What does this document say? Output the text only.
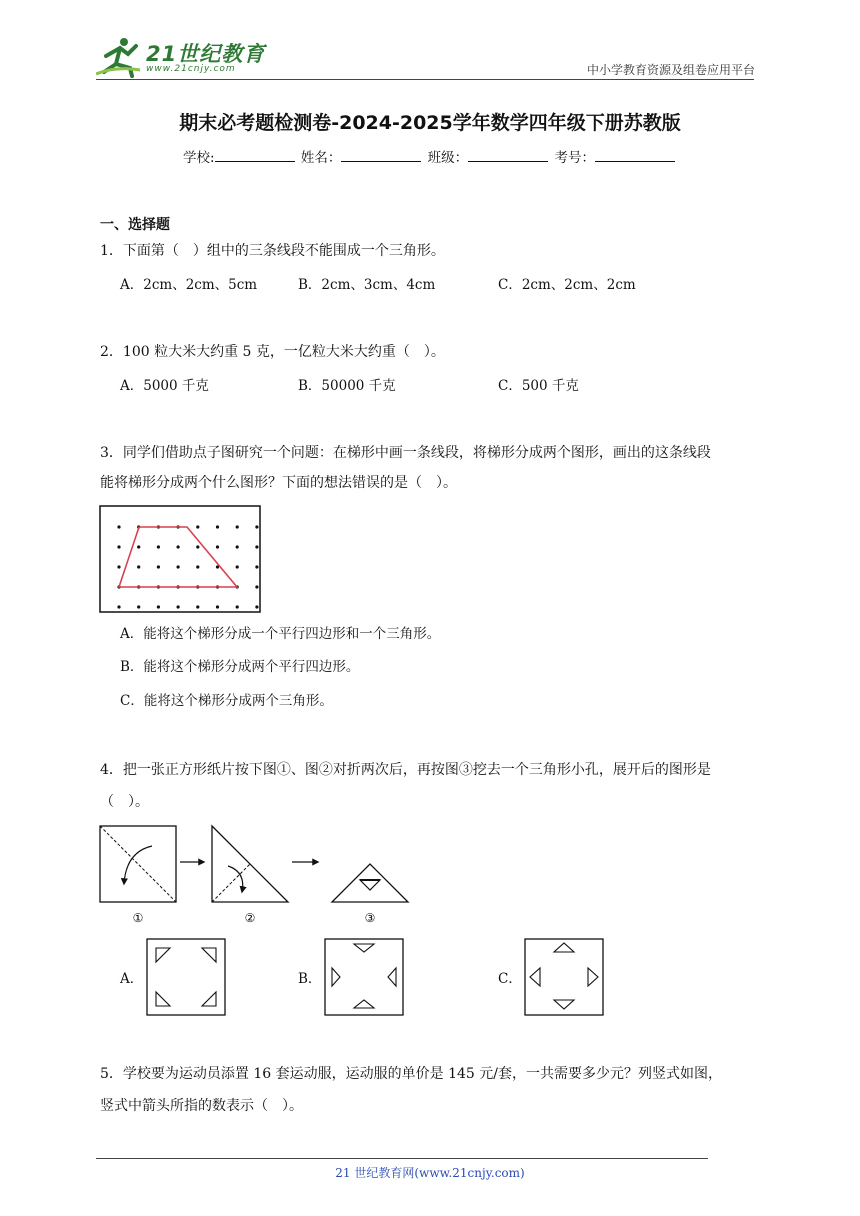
21世纪教育
www.21cnjy.com	中小学教育资源及组卷应用平台
期末必考题检测卷-2024-2025学年数学四年级下册苏教版
学校:	姓名：	班级：	考号：
一、选择题
1．下面第（　）组中的三条线段不能围成一个三角形。
A．2cm、2cm、5cm	B．2cm、3cm、4cm	C．2cm、2cm、2cm
2．100 粒大米大约重 5 克，一亿粒大米大约重（　）。
A．5000 千克	B．50000 千克	C．500 千克
3．同学们借助点子图研究一个问题：在梯形中画一条线段，将梯形分成两个图形，画出的这条线段
能将梯形分成两个什么图形？下面的想法错误的是（　）。
A．能将这个梯形分成一个平行四边形和一个三角形。
B．能将这个梯形分成两个平行四边形。
C．能将这个梯形分成两个三角形。
4．把一张正方形纸片按下图①、图②对折两次后，再按图③挖去一个三角形小孔，展开后的图形是
（　）。
①	②	③
A．	B．	C．
5．学校要为运动员添置 16 套运动服，运动服的单价是 145 元/套，一共需要多少元？列竖式如图，
竖式中箭头所指的数表示（　）。
21 世纪教育网(www.21cnjy.com)
